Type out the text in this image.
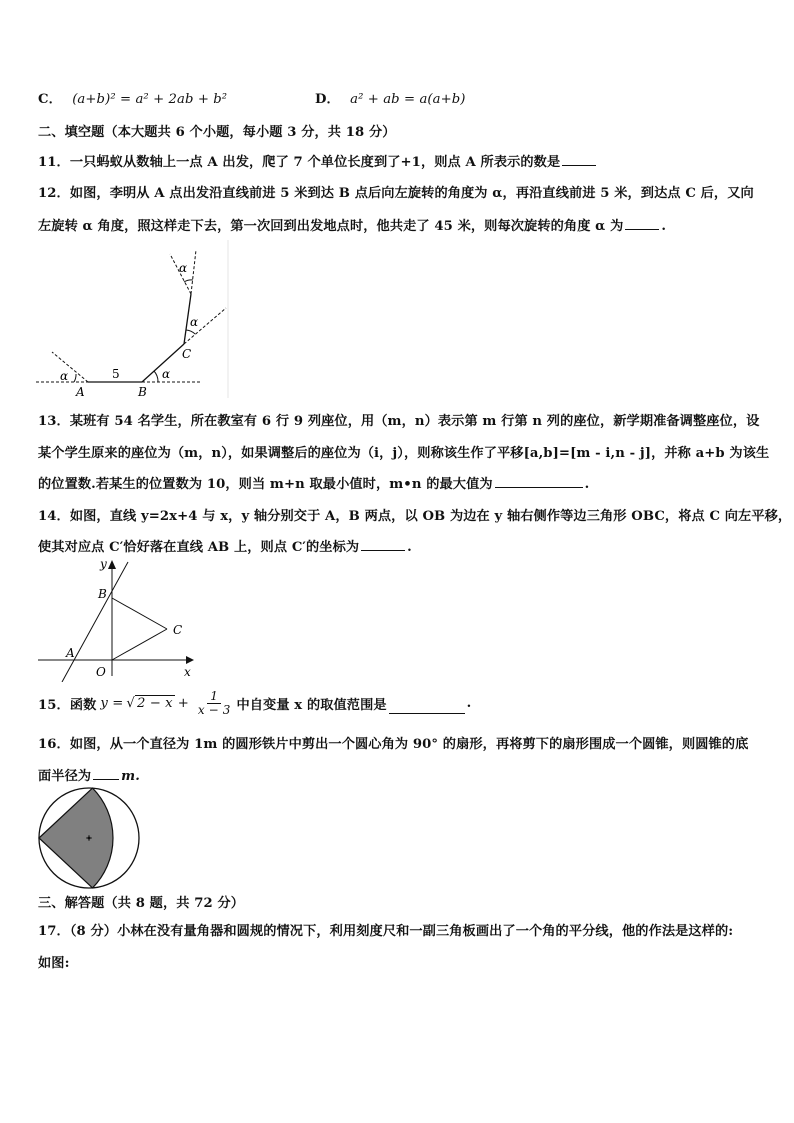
C． (a+b)² = a² + 2ab + b²	D． a² + ab = a(a+b)
二、填空题（本大题共 6 个小题，每小题 3 分，共 18 分）
11．一只蚂蚁从数轴上一点 A 出发，爬了 7 个单位长度到了+1，则点 A 所表示的数是
12．如图，李明从 A 点出发沿直线前进 5 米到达 B 点后向左旋转的角度为 α，再沿直线前进 5 米，到达点 C 后，又向
左旋转 α 角度，照这样走下去，第一次回到出发地点时，他共走了 45 米，则每次旋转的角度 α 为	.
A	B
C
5
α	α
α
α
13．某班有 54 名学生，所在教室有 6 行 9 列座位，用（m，n）表示第 m 行第 n 列的座位，新学期准备调整座位，设
某个学生原来的座位为（m，n），如果调整后的座位为（i，j），则称该生作了平移[a,b]=[m - i,n - j]，并称 a+b 为该生
的位置数.若某生的位置数为 10，则当 m+n 取最小值时，m•n 的最大值为	.
14．如图，直线 y=2x+4 与 x，y 轴分别交于 A，B 两点，以 OB 为边在 y 轴右侧作等边三角形 OBC，将点 C 向左平移，
使其对应点 C′恰好落在直线 AB 上，则点 C′的坐标为	.
y
x
B
A
O
C
15．函数 y = √ $2 - x + \frac{1}{x - 3}$ 中自变量 x 的取值范围是	.
16．如图，从一个直径为 1m 的圆形铁片中剪出一个圆心角为 90° 的扇形，再将剪下的扇形围成一个圆锥，则圆锥的底
面半径为 m.
三、解答题（共 8 题，共 72 分）
17．（8 分）小林在没有量角器和圆规的情况下，利用刻度尺和一副三角板画出了一个角的平分线，他的作法是这样的:
如图:
